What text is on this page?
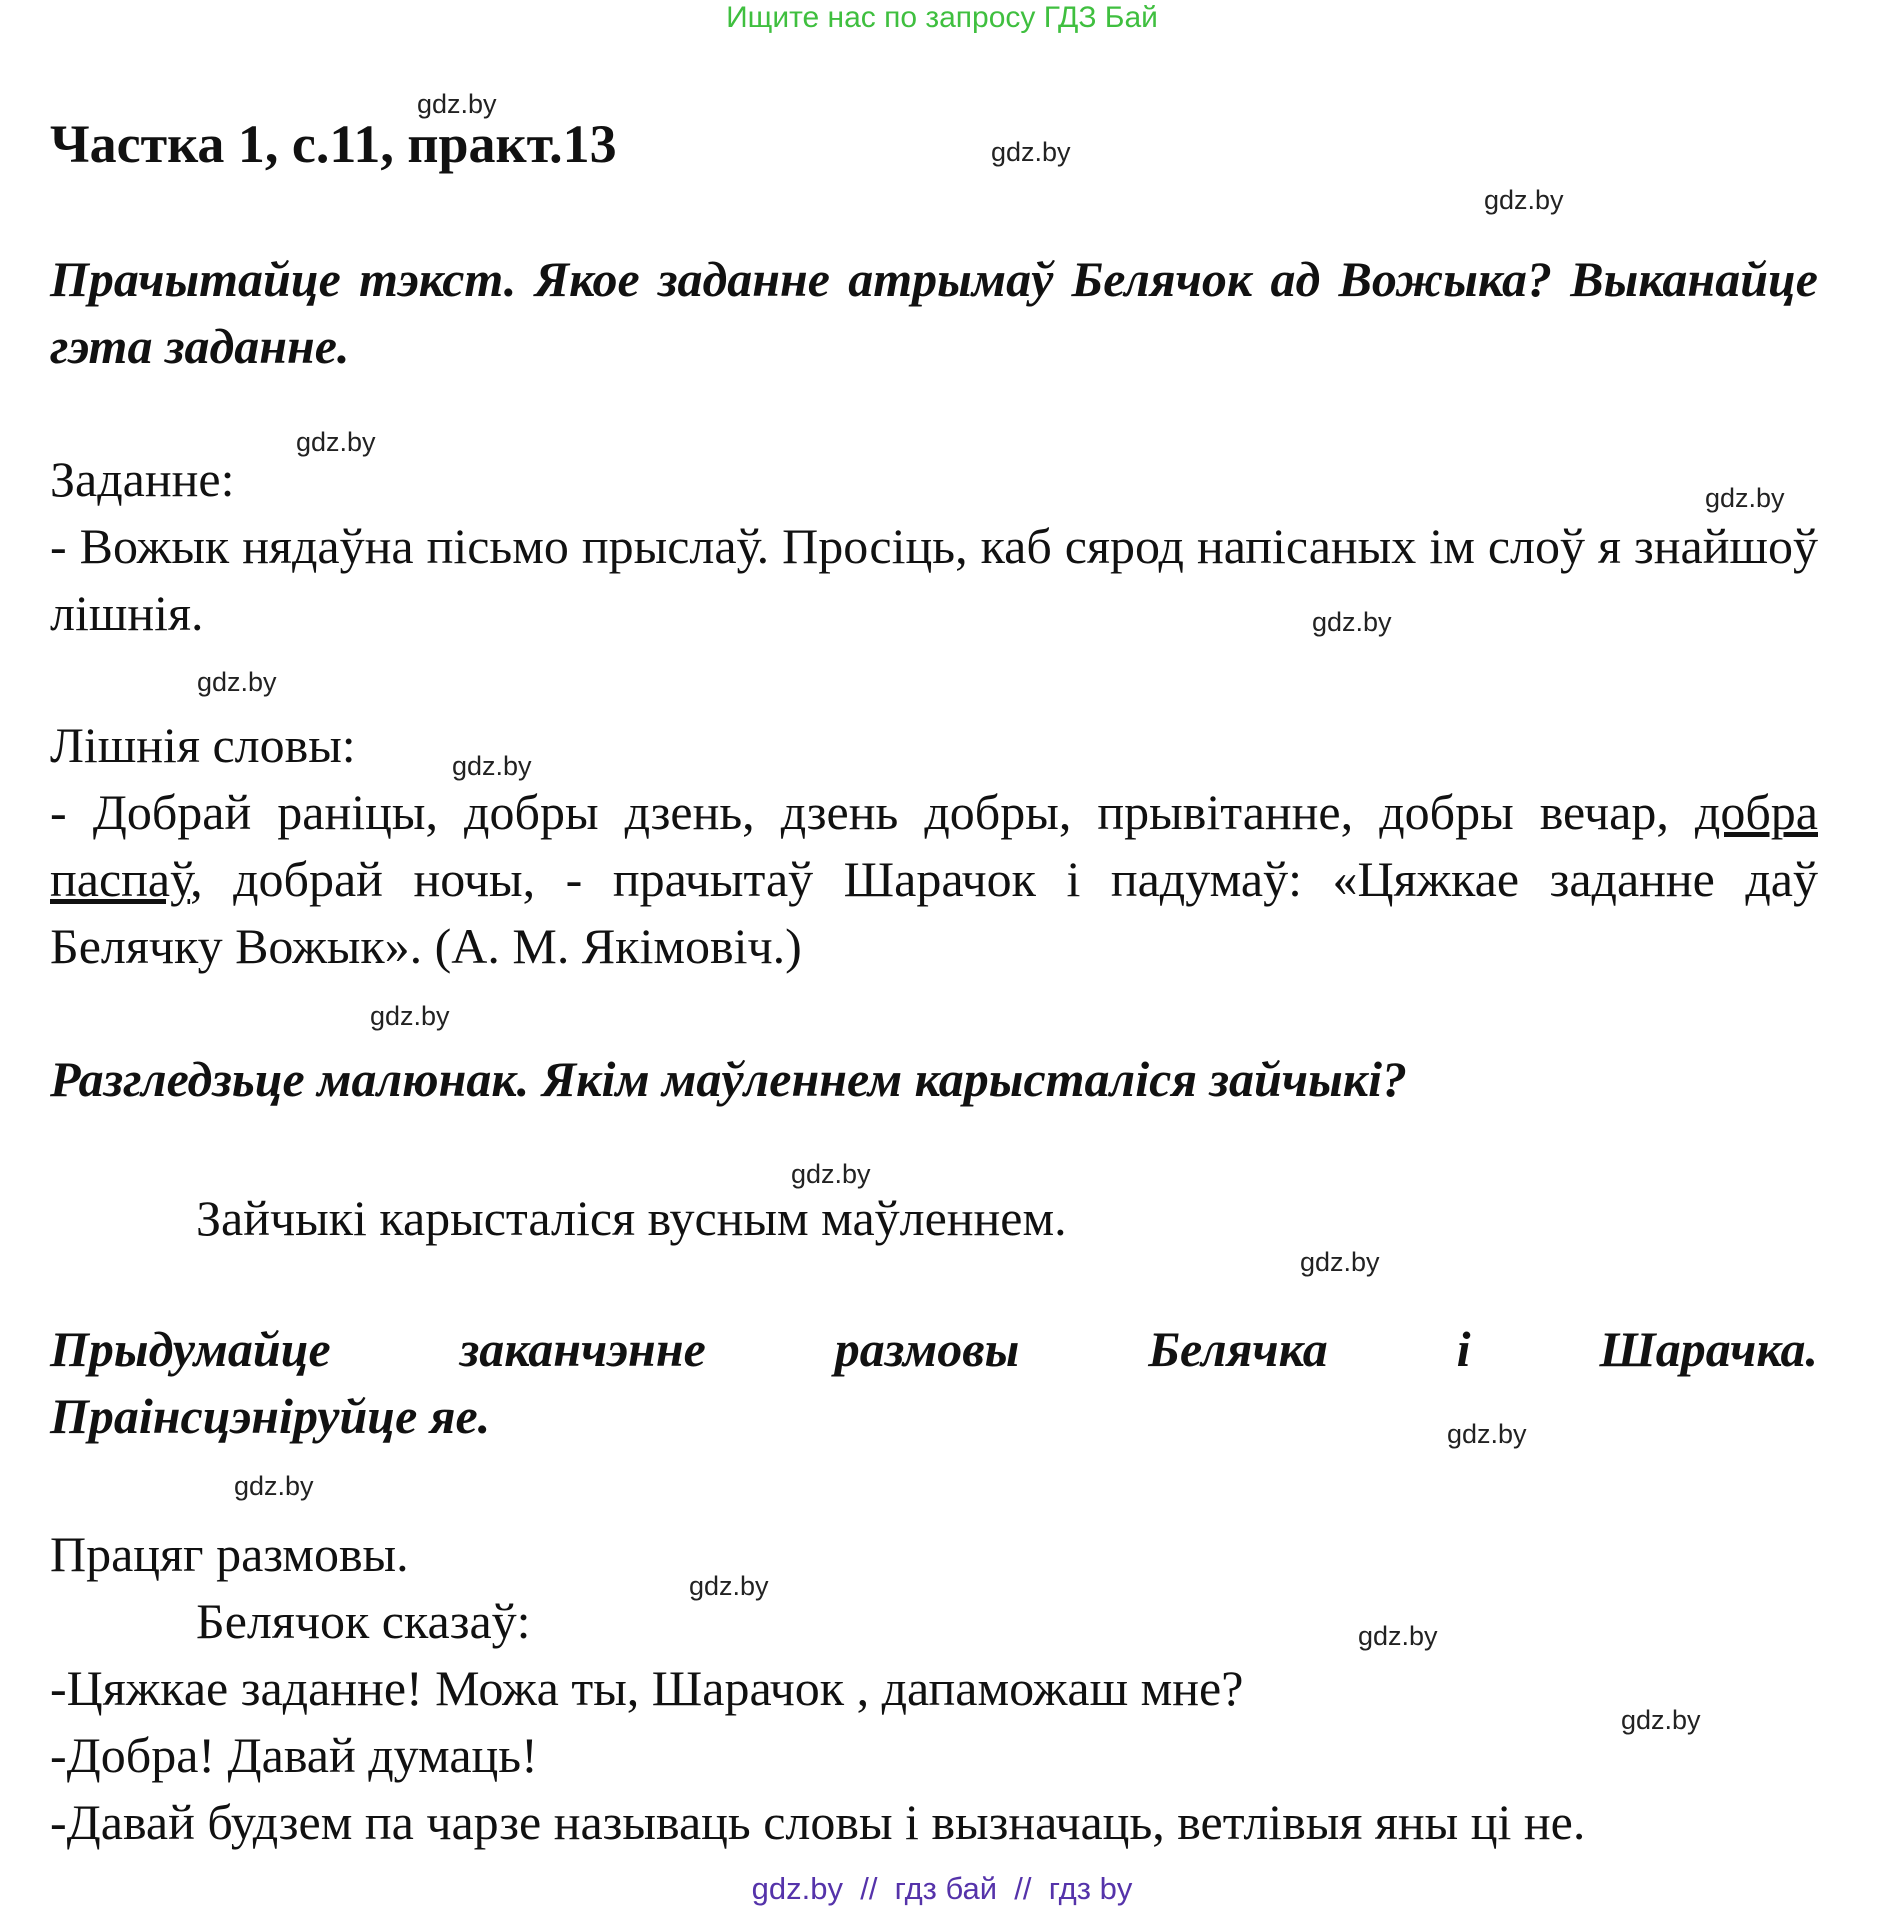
Ищите нас по запросу ГДЗ Бай
gdz.by
gdz.by
gdz.by
gdz.by
gdz.by
gdz.by
gdz.by
gdz.by
gdz.by
gdz.by
gdz.by
gdz.by
gdz.by
gdz.by
gdz.by
gdz.by
Частка 1, с.11, практ.13

Прачытайце тэкст. Якое заданне атрымаў Белячок ад Вожыка? Выканайце гэта заданне.

Заданне:

- Вожык нядаўна пісьмо прыслаў. Просіць, каб сярод напісаных ім слоў я знайшоў лішнія.

Лішнія словы:

- Добрай раніцы, добры дзень, дзень добры, прывітанне, добры вечар, добра паспаў, добрай ночы, - прачытаў Шарачок і падумаў: «Цяжкае заданне даў Белячку Вожык». (А. М. Якімовіч.)

Разгледзьце малюнак. Якім маўленнем карысталіся зайчыкі?

Зайчыкі карысталіся вусным маўленнем.

Прыдумайце заканчэнне размовы Белячка і Шарачка.

Праінсцэніруйце яе.

Працяг размовы.

Белячок сказаў:

-Цяжкае заданне! Можа ты, Шарачок , дапаможаш мне?

-Добра! Давай думаць!

-Давай будзем па чарзе называць словы і вызначаць, ветлівыя яны ці не.

gdz.by  //  гдз бай  //  гдз by
